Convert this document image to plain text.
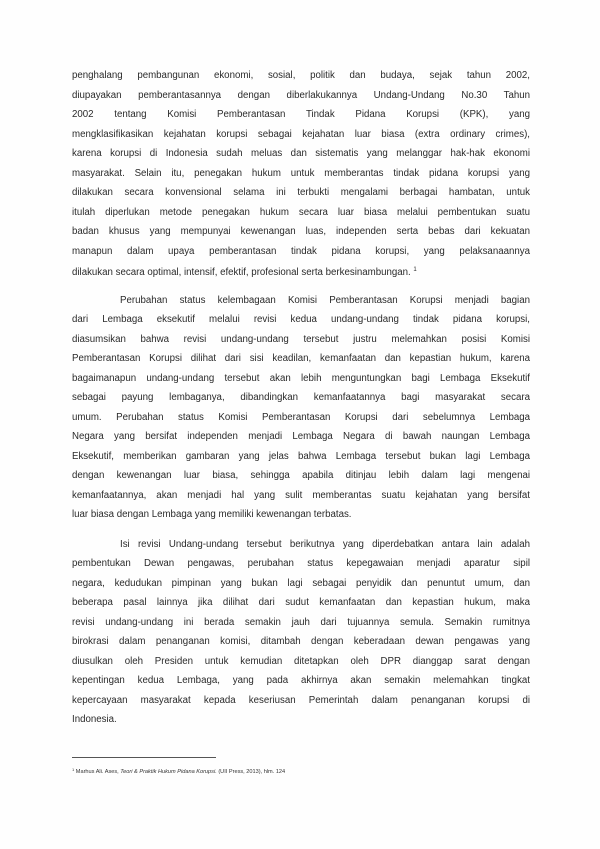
penghalang pembangunan ekonomi, sosial, politik dan budaya, sejak tahun 2002,
diupayakan pemberantasannya dengan diberlakukannya Undang-Undang No.30 Tahun
2002 tentang Komisi Pemberantasan Tindak Pidana Korupsi (KPK), yang
mengklasifikasikan kejahatan korupsi sebagai kejahatan luar biasa (extra ordinary crimes),
karena korupsi di Indonesia sudah meluas dan sistematis yang melanggar hak-hak ekonomi
masyarakat. Selain itu, penegakan hukum untuk memberantas tindak pidana korupsi yang
dilakukan secara konvensional selama ini terbukti mengalami berbagai hambatan, untuk
itulah diperlukan metode penegakan hukum secara luar biasa melalui pembentukan suatu
badan khusus yang mempunyai kewenangan luas, independen serta bebas dari kekuatan
manapun dalam upaya pemberantasan tindak pidana korupsi, yang pelaksanaannya
dilakukan secara optimal, intensif, efektif, profesional serta berkesinambungan. $^1$
Perubahan status kelembagaan Komisi Pemberantasan Korupsi menjadi bagian
dari Lembaga eksekutif melalui revisi kedua undang-undang tindak pidana korupsi,
diasumsikan bahwa revisi undang-undang tersebut justru melemahkan posisi Komisi
Pemberantasan Korupsi dilihat dari sisi keadilan, kemanfaatan dan kepastian hukum, karena
bagaimanapun undang-undang tersebut akan lebih menguntungkan bagi Lembaga Eksekutif
sebagai payung lembaganya, dibandingkan kemanfaatannya bagi masyarakat secara
umum. Perubahan status Komisi Pemberantasan Korupsi dari sebelumnya Lembaga
Negara yang bersifat independen menjadi Lembaga Negara di bawah naungan Lembaga
Eksekutif, memberikan gambaran yang jelas bahwa Lembaga tersebut bukan lagi Lembaga
dengan kewenangan luar biasa, sehingga apabila ditinjau lebih dalam lagi mengenai
kemanfaatannya, akan menjadi hal yang sulit memberantas suatu kejahatan yang bersifat
luar biasa dengan Lembaga yang memiliki kewenangan terbatas.
Isi revisi Undang-undang tersebut berikutnya yang diperdebatkan antara lain adalah
pembentukan Dewan pengawas, perubahan status kepegawaian menjadi aparatur sipil
negara, kedudukan pimpinan yang bukan lagi sebagai penyidik dan penuntut umum, dan
beberapa pasal lainnya jika dilihat dari sudut kemanfaatan dan kepastian hukum, maka
revisi undang-undang ini berada semakin jauh dari tujuannya semula. Semakin rumitnya
birokrasi dalam penanganan komisi, ditambah dengan keberadaan dewan pengawas yang
diusulkan oleh Presiden untuk kemudian ditetapkan oleh DPR dianggap sarat dengan
kepentingan kedua Lembaga, yang pada akhirnya akan semakin melemahkan tingkat
kepercayaan masyarakat kepada keseriusan Pemerintah dalam penanganan korupsi di
Indonesia.
$^1$ Marhus Ali. Ases, Teori & Praktik Hukum Pidana Korupsi. (UII Press, 2013), hlm. 124
